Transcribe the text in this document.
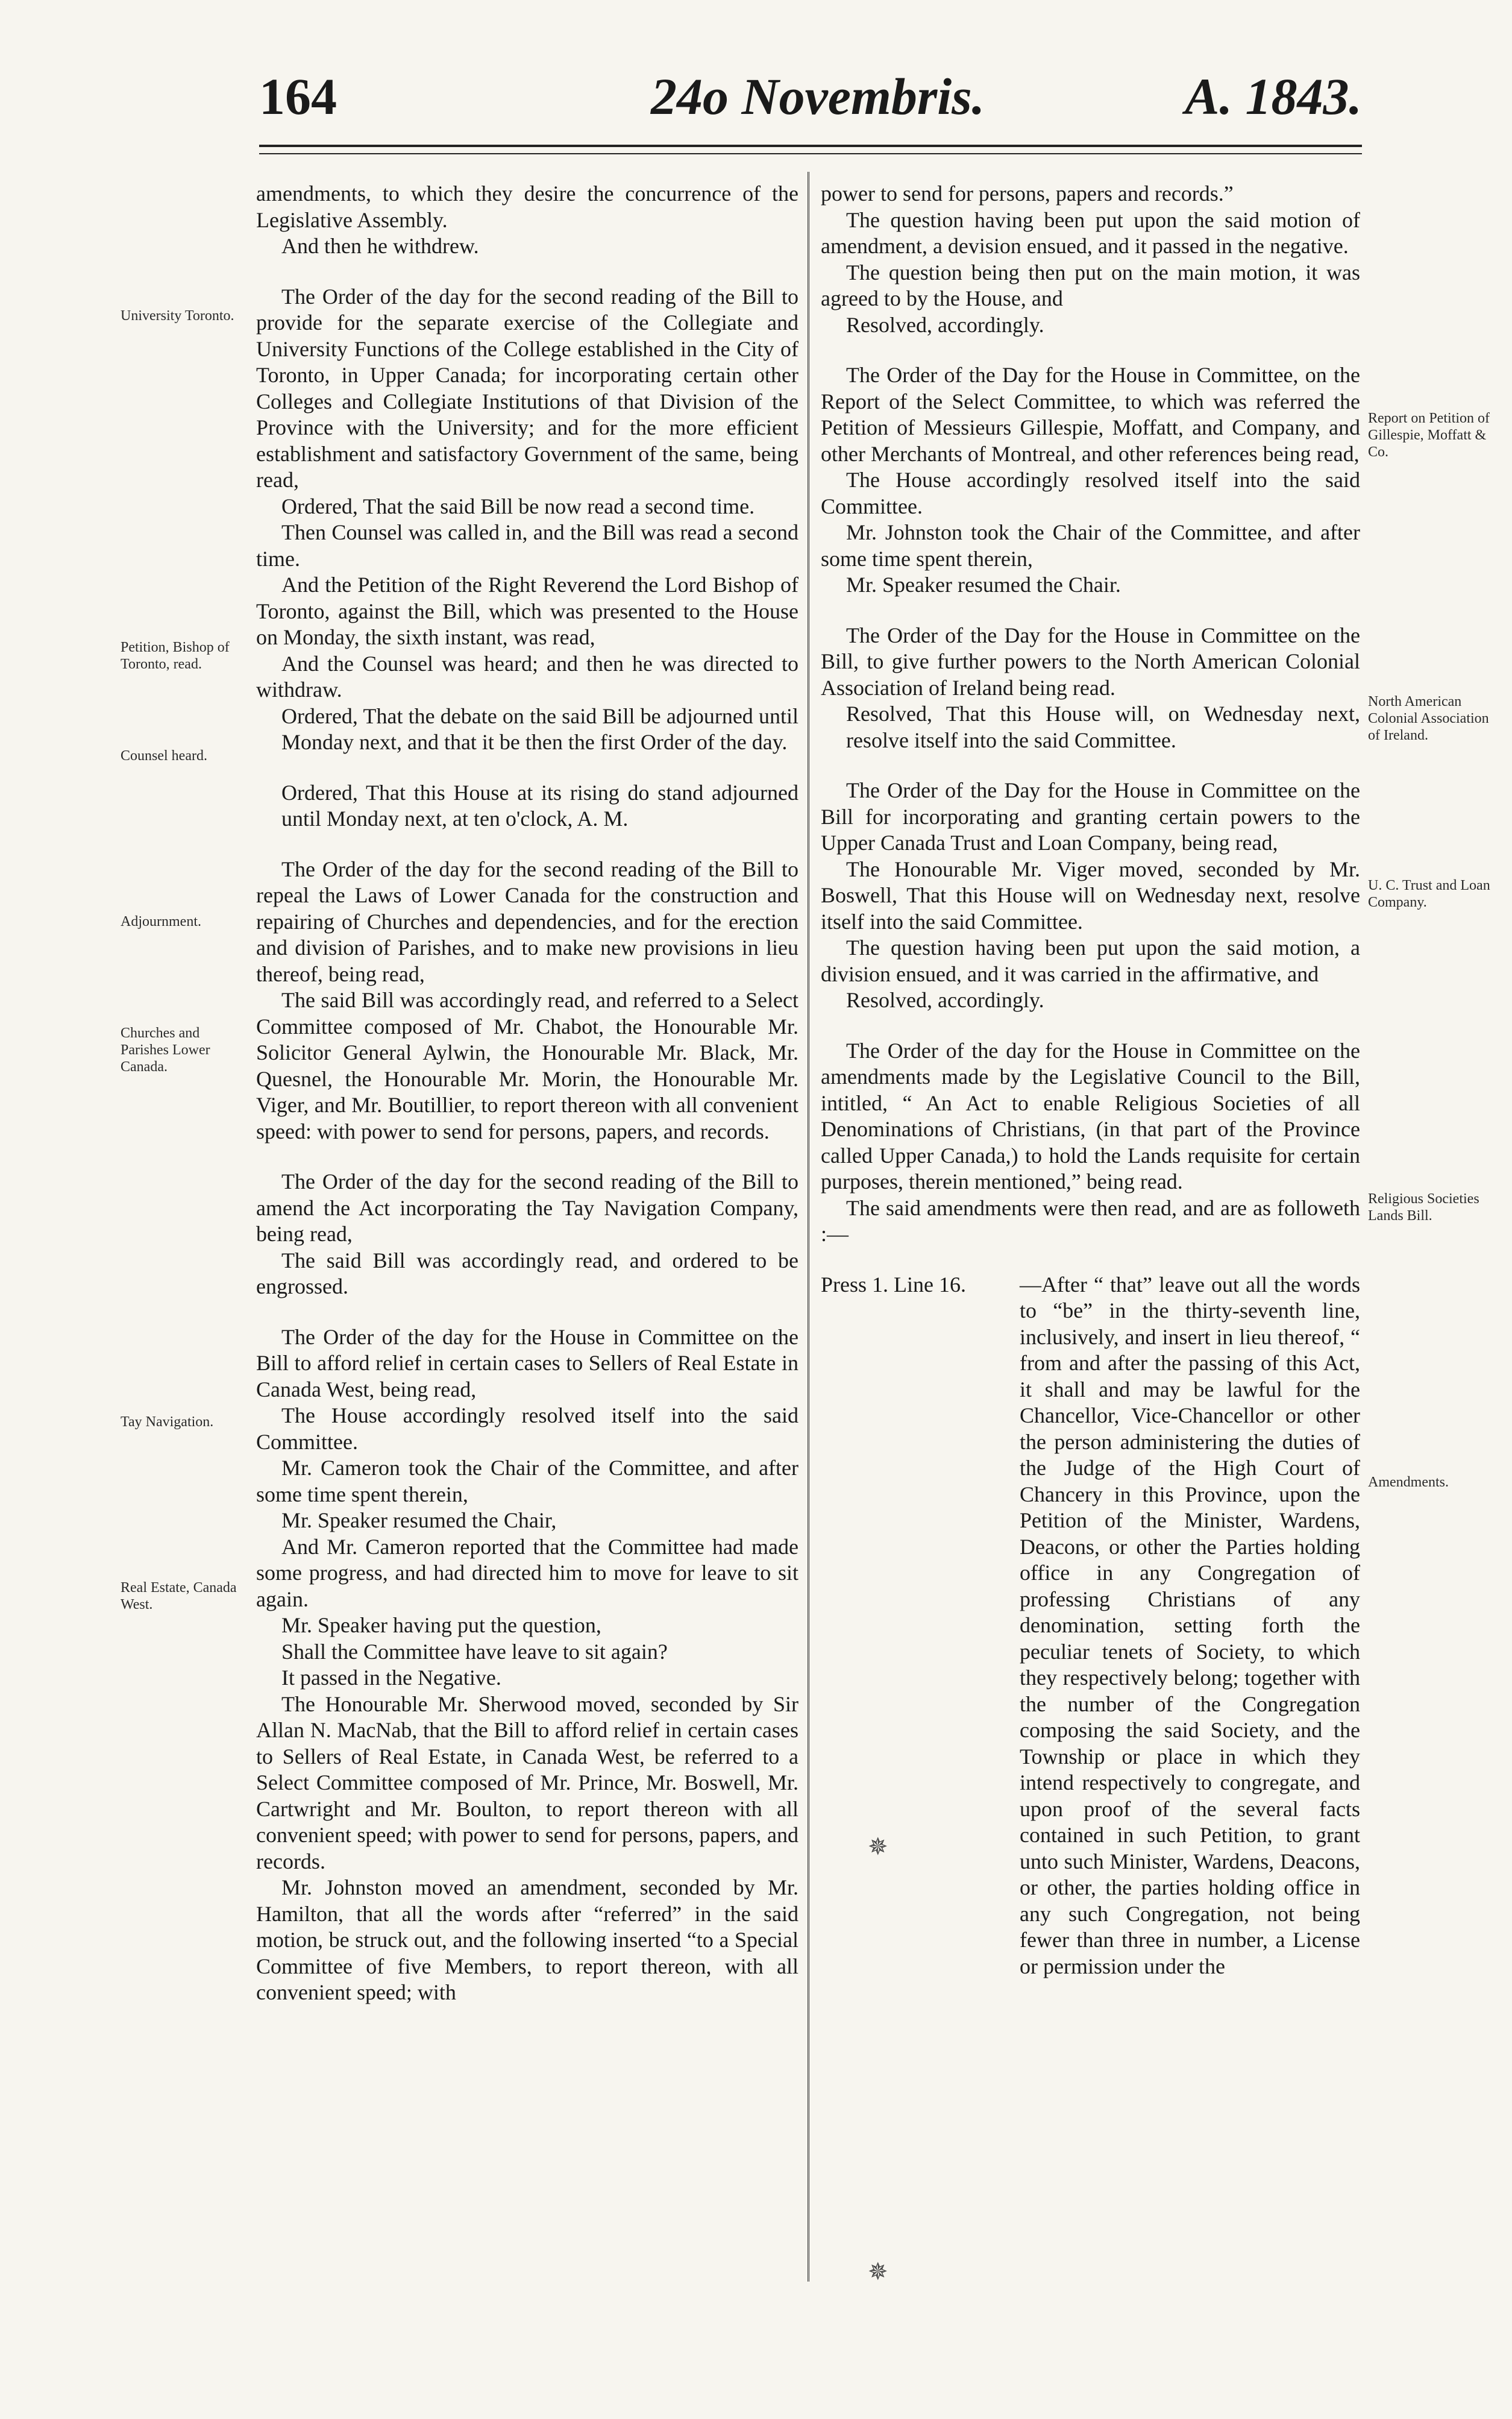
164	24o Novembris.	A. 1843.
University Toronto.
Petition, Bishop of Toronto, read.
Counsel heard.
Adjournment.
Churches and Parishes Lower Canada.
Tay Navigation.
Real Estate, Canada West.
Report on Petition of Gillespie, Moffatt & Co.
North American Colonial Association of Ireland.
U. C. Trust and Loan Company.
Religious Societies Lands Bill.
Amendments.

amendments, to which they desire the concurrence of the Legislative Assembly.

And then he withdrew.

The Order of the day for the second reading of the Bill to provide for the separate exercise of the Collegiate and University Functions of the College established in the City of Toronto, in Upper Canada; for incorporating certain other Colleges and Collegiate Institutions of that Division of the Province with the University; and for the more efficient establishment and satisfactory Government of the same, being read,

Ordered, That the said Bill be now read a second time.

Then Counsel was called in, and the Bill was read a second time.

And the Petition of the Right Reverend the Lord Bishop of Toronto, against the Bill, which was presented to the House on Monday, the sixth instant, was read,

And the Counsel was heard; and then he was directed to withdraw.

Ordered, That the debate on the said Bill be adjourned until Monday next, and that it be then the first Order of the day.

Ordered, That this House at its rising do stand adjourned until Monday next, at ten o'clock, A. M.

The Order of the day for the second reading of the Bill to repeal the Laws of Lower Canada for the construction and repairing of Churches and dependencies, and for the erection and division of Parishes, and to make new provisions in lieu thereof, being read,

The said Bill was accordingly read, and referred to a Select Committee composed of Mr. Chabot, the Honourable Mr. Solicitor General Aylwin, the Honourable Mr. Black, Mr. Quesnel, the Honourable Mr. Morin, the Honourable Mr. Viger, and Mr. Boutillier, to report thereon with all convenient speed: with power to send for persons, papers, and records.

The Order of the day for the second reading of the Bill to amend the Act incorporating the Tay Navigation Company, being read,

The said Bill was accordingly read, and ordered to be engrossed.

The Order of the day for the House in Committee on the Bill to afford relief in certain cases to Sellers of Real Estate in Canada West, being read,

The House accordingly resolved itself into the said Committee.

Mr. Cameron took the Chair of the Committee, and after some time spent therein,

Mr. Speaker resumed the Chair,

And Mr. Cameron reported that the Committee had made some progress, and had directed him to move for leave to sit again.

Mr. Speaker having put the question,

Shall the Committee have leave to sit again?

It passed in the Negative.

The Honourable Mr. Sherwood moved, seconded by Sir Allan N. MacNab, that the Bill to afford relief in certain cases to Sellers of Real Estate, in Canada West, be referred to a Select Committee composed of Mr. Prince, Mr. Boswell, Mr. Cartwright and Mr. Boulton, to report thereon with all convenient speed; with power to send for persons, papers, and records.

Mr. Johnston moved an amendment, seconded by Mr. Hamilton, that all the words after “referred” in the said motion, be struck out, and the following inserted “to a Special Committee of five Members, to report thereon, with all convenient speed; with

power to send for persons, papers and records.”

The question having been put upon the said motion of amendment, a devision ensued, and it passed in the negative.

The question being then put on the main motion, it was agreed to by the House, and

Resolved, accordingly.

The Order of the Day for the House in Committee, on the Report of the Select Committee, to which was referred the Petition of Messieurs Gillespie, Moffatt, and Company, and other Merchants of Montreal, and other references being read,

The House accordingly resolved itself into the said Committee.

Mr. Johnston took the Chair of the Committee, and after some time spent therein,

Mr. Speaker resumed the Chair.

The Order of the Day for the House in Committee on the Bill, to give further powers to the North American Colonial Association of Ireland being read.

Resolved, That this House will, on Wednesday next, resolve itself into the said Committee.

The Order of the Day for the House in Committee on the Bill for incorporating and granting certain powers to the Upper Canada Trust and Loan Company, being read,

The Honourable Mr. Viger moved, seconded by Mr. Boswell, That this House will on Wednesday next, resolve itself into the said Committee.

The question having been put upon the said motion, a division ensued, and it was carried in the affirmative, and

Resolved, accordingly.

The Order of the day for the House in Committee on the amendments made by the Legislative Council to the Bill, intitled, “ An Act to enable Religious Societies of all Denominations of Christians, (in that part of the Province called Upper Canada,) to hold the Lands requisite for certain purposes, therein mentioned,” being read.

The said amendments were then read, and are as followeth :—

Press 1. Line 16.	—After “ that” leave out all the words to “be” in the thirty-seventh line, inclusively, and insert in lieu thereof, “ from and after the passing of this Act, it shall and may be lawful for the Chancellor, Vice-Chancellor or other the person administering the duties of the Judge of the High Court of Chancery in this Province, upon the Petition of the Minister, Wardens, Deacons, or other the Parties holding office in any Congregation of professing Christians of any denomination, setting forth the peculiar tenets of Society, to which they respectively belong; together with the number of the Congregation composing the said Society, and the Township or place in which they intend respectively to congregate, and upon proof of the several facts contained in such Petition, to grant unto such Minister, Wardens, Deacons, or other, the parties holding office in any such Congregation, not being fewer than three in number, a License or permission under the

✵
✵
